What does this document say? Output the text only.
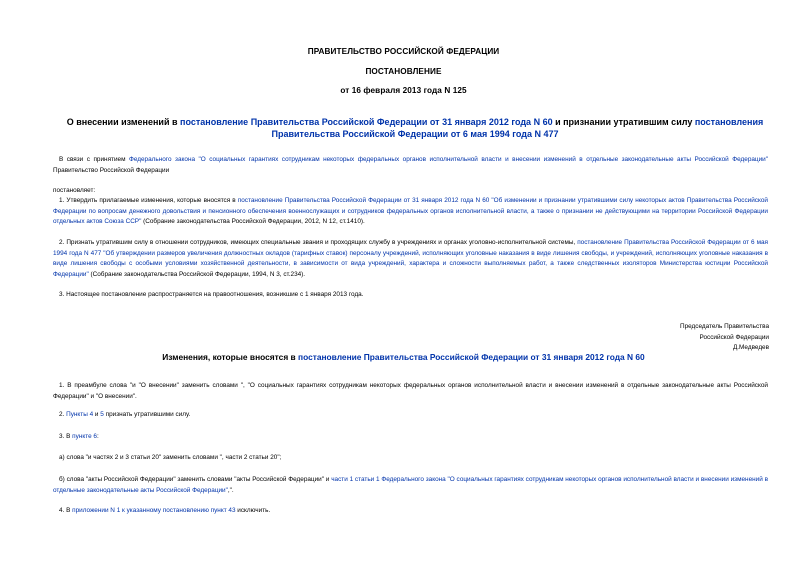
ПРАВИТЕЛЬСТВО РОССИЙСКОЙ ФЕДЕРАЦИИ
ПОСТАНОВЛЕНИЕ
от 16 февраля 2013 года N 125
О внесении изменений в постановление Правительства Российской Федерации от 31 января 2012 года N 60 и признании утратившим силу постановления
Правительства Российской Федерации от 6 мая 1994 года N 477
В связи с принятием Федерального закона "О социальных гарантиях сотрудникам некоторых федеральных органов исполнительной власти и внесении изменений в отдельные законодательные акты Российской Федерации" Правительство Российской Федерации
постановляет:
1. Утвердить прилагаемые изменения, которые вносятся в постановление Правительства Российской Федерации от 31 января 2012 года N 60 "Об изменении и признании утратившими силу некоторых актов Правительства Российской Федерации по вопросам денежного довольствия и пенсионного обеспечения военнослужащих и сотрудников федеральных органов исполнительной власти, а также о признании не действующими на территории Российской Федерации отдельных актов Союза ССР" (Собрание законодательства Российской Федерации, 2012, N 12, ст.1410).
2. Признать утратившим силу в отношении сотрудников, имеющих специальные звания и проходящих службу в учреждениях и органах уголовно-исполнительной системы, постановление Правительства Российской Федерации от 6 мая 1994 года N 477 "Об утверждении размеров увеличения должностных окладов (тарифных ставок) персоналу учреждений, исполняющих уголовные наказания в виде лишения свободы, и учреждений, исполняющих уголовные наказания в виде лишения свободы с особыми условиями хозяйственной деятельности, в зависимости от вида учреждений, характера и сложности выполняемых работ, а также следственных изоляторов Министерства юстиции Российской Федерации" (Собрание законодательства Российской Федерации, 1994, N 3, ст.234).
3. Настоящее постановление распространяется на правоотношения, возникшие с 1 января 2013 года.
Председатель Правительства
Российской Федерации
Д.Медведев
Изменения, которые вносятся в постановление Правительства Российской Федерации от 31 января 2012 года N 60
1. В преамбуле слова "и "О внесении" заменить словами ", "О социальных гарантиях сотрудникам некоторых федеральных органов исполнительной власти и внесении изменений в отдельные законодательные акты Российской Федерации" и "О внесении".
2. Пункты 4 и 5 признать утратившими силу.
3. В пункте 6:
а) слова "и частях 2 и 3 статьи 20" заменить словами ", части 2 статьи 20";
б) слова "акты Российской Федерации" заменить словами "акты Российской Федерации" и части 1 статьи 1 Федерального закона "О социальных гарантиях сотрудникам некоторых органов исполнительной власти и внесении изменений в отдельные законодательные акты Российской Федерации",".
4. В приложении N 1 к указанному постановлению пункт 43 исключить.
